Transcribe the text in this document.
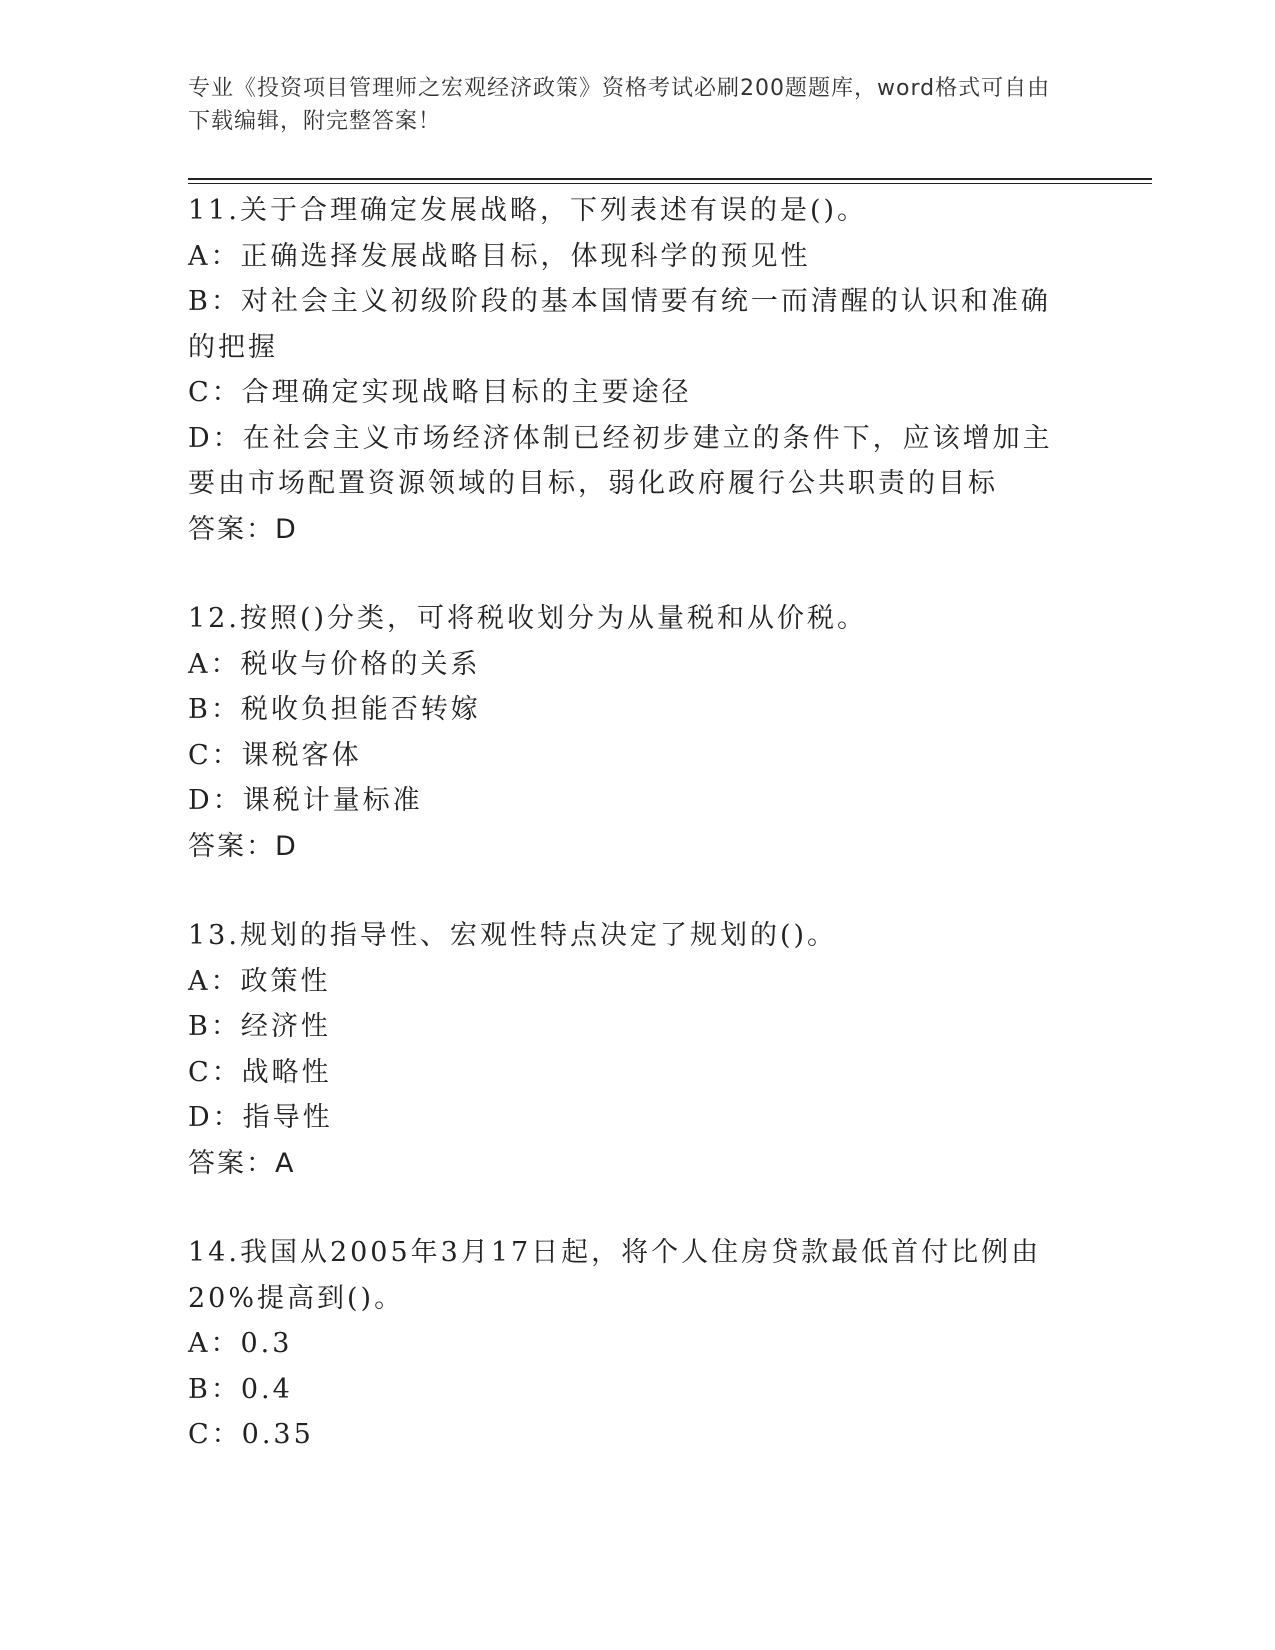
专业《投资项目管理师之宏观经济政策》资格考试必刷200题题库，word格式可自由下载编辑，附完整答案！

11.关于合理确定发展战略，下列表述有误的是()。

A：正确选择发展战略目标，体现科学的预见性

B：对社会主义初级阶段的基本国情要有统一而清醒的认识和准确的把握

C：合理确定实现战略目标的主要途径

D：在社会主义市场经济体制已经初步建立的条件下，应该增加主要由市场配置资源领域的目标，弱化政府履行公共职责的目标

答案：D

12.按照()分类，可将税收划分为从量税和从价税。

A：税收与价格的关系

B：税收负担能否转嫁

C：课税客体

D：课税计量标准

答案：D

13.规划的指导性、宏观性特点决定了规划的()。

A：政策性

B：经济性

C：战略性

D：指导性

答案：A

14.我国从2005年3月17日起，将个人住房贷款最低首付比例由20%提高到()。

A：0.3

B：0.4

C：0.35
